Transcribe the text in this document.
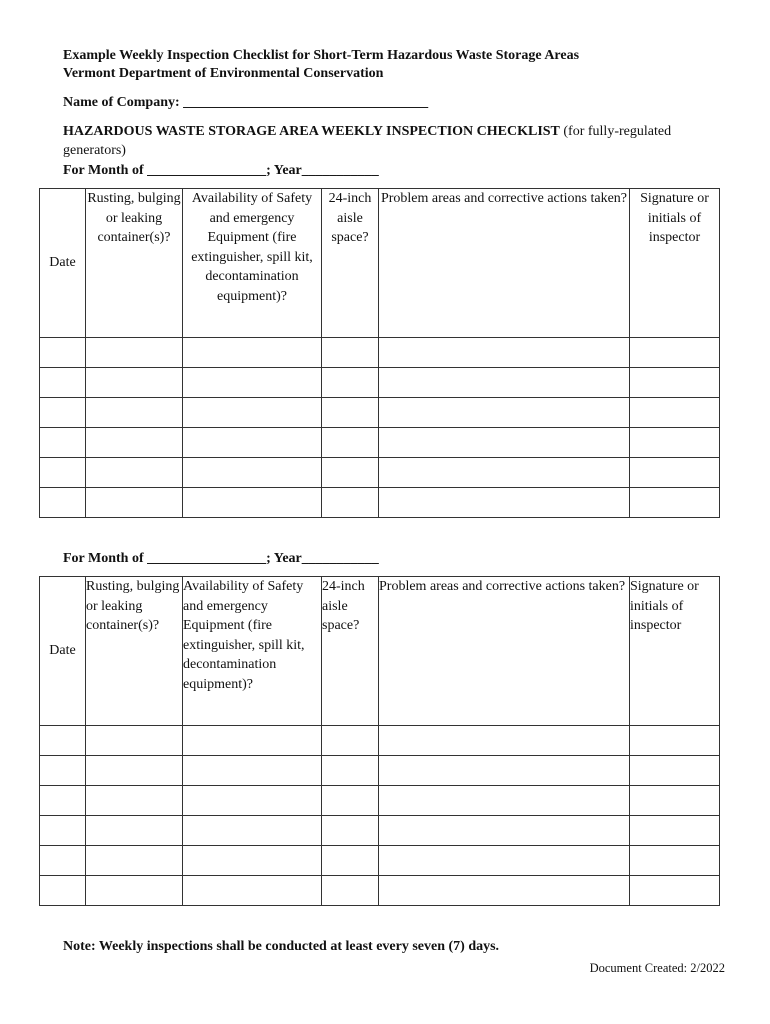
Example Weekly Inspection Checklist for Short-Term Hazardous Waste Storage Areas
Vermont Department of Environmental Conservation
Name of Company: ___________________________________
HAZARDOUS WASTE STORAGE AREA WEEKLY INSPECTION CHECKLIST (for fully-regulated generators)
For Month of _________________; Year___________
Date	Rusting, bulging or leaking container(s)?	Availability of Safety and emergency Equipment (fire extinguisher, spill kit, decontamination equipment)?	24-inch aisle space?	Problem areas and corrective actions taken?	Signature or initials of inspector

For Month of _________________; Year___________
Date	Rusting, bulging or leaking container(s)?	Availability of Safety and emergency Equipment (fire extinguisher, spill kit, decontamination equipment)?	24-inch aisle space?	Problem areas and corrective actions taken?	Signature or initials of inspector

Note: Weekly inspections shall be conducted at least every seven (7) days.
Document Created: 2/2022
